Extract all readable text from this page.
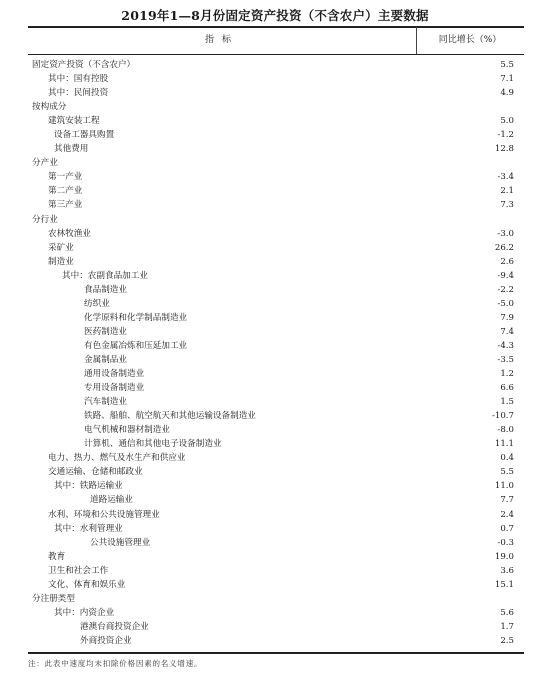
2019年1—8月份固定资产投资（不含农户）主要数据
指标	同比增长（%）
固定资产投资（不含农户）	5.5
其中：国有控股	7.1
其中：民间投资	4.9
按构成分
建筑安装工程	5.0
设备工器具购置	-1.2
其他费用	12.8
分产业
第一产业	-3.4
第二产业	2.1
第三产业	7.3
分行业
农林牧渔业	-3.0
采矿业	26.2
制造业	2.6
其中：农副食品加工业	-9.4
食品制造业	-2.2
纺织业	-5.0
化学原料和化学制品制造业	7.9
医药制造业	7.4
有色金属冶炼和压延加工业	-4.3
金属制品业	-3.5
通用设备制造业	1.2
专用设备制造业	6.6
汽车制造业	1.5
铁路、船舶、航空航天和其他运输设备制造业	-10.7
电气机械和器材制造业	-8.0
计算机、通信和其他电子设备制造业	11.1
电力、热力、燃气及水生产和供应业	0.4
交通运输、仓储和邮政业	5.5
其中：铁路运输业	11.0
道路运输业	7.7
水利、环境和公共设施管理业	2.4
其中：水利管理业	0.7
公共设施管理业	-0.3
教育	19.0
卫生和社会工作	3.6
文化、体育和娱乐业	15.1
分注册类型
其中：内资企业	5.6
港澳台商投资企业	1.7
外商投资企业	2.5
注：此表中速度均未扣除价格因素的名义增速。
